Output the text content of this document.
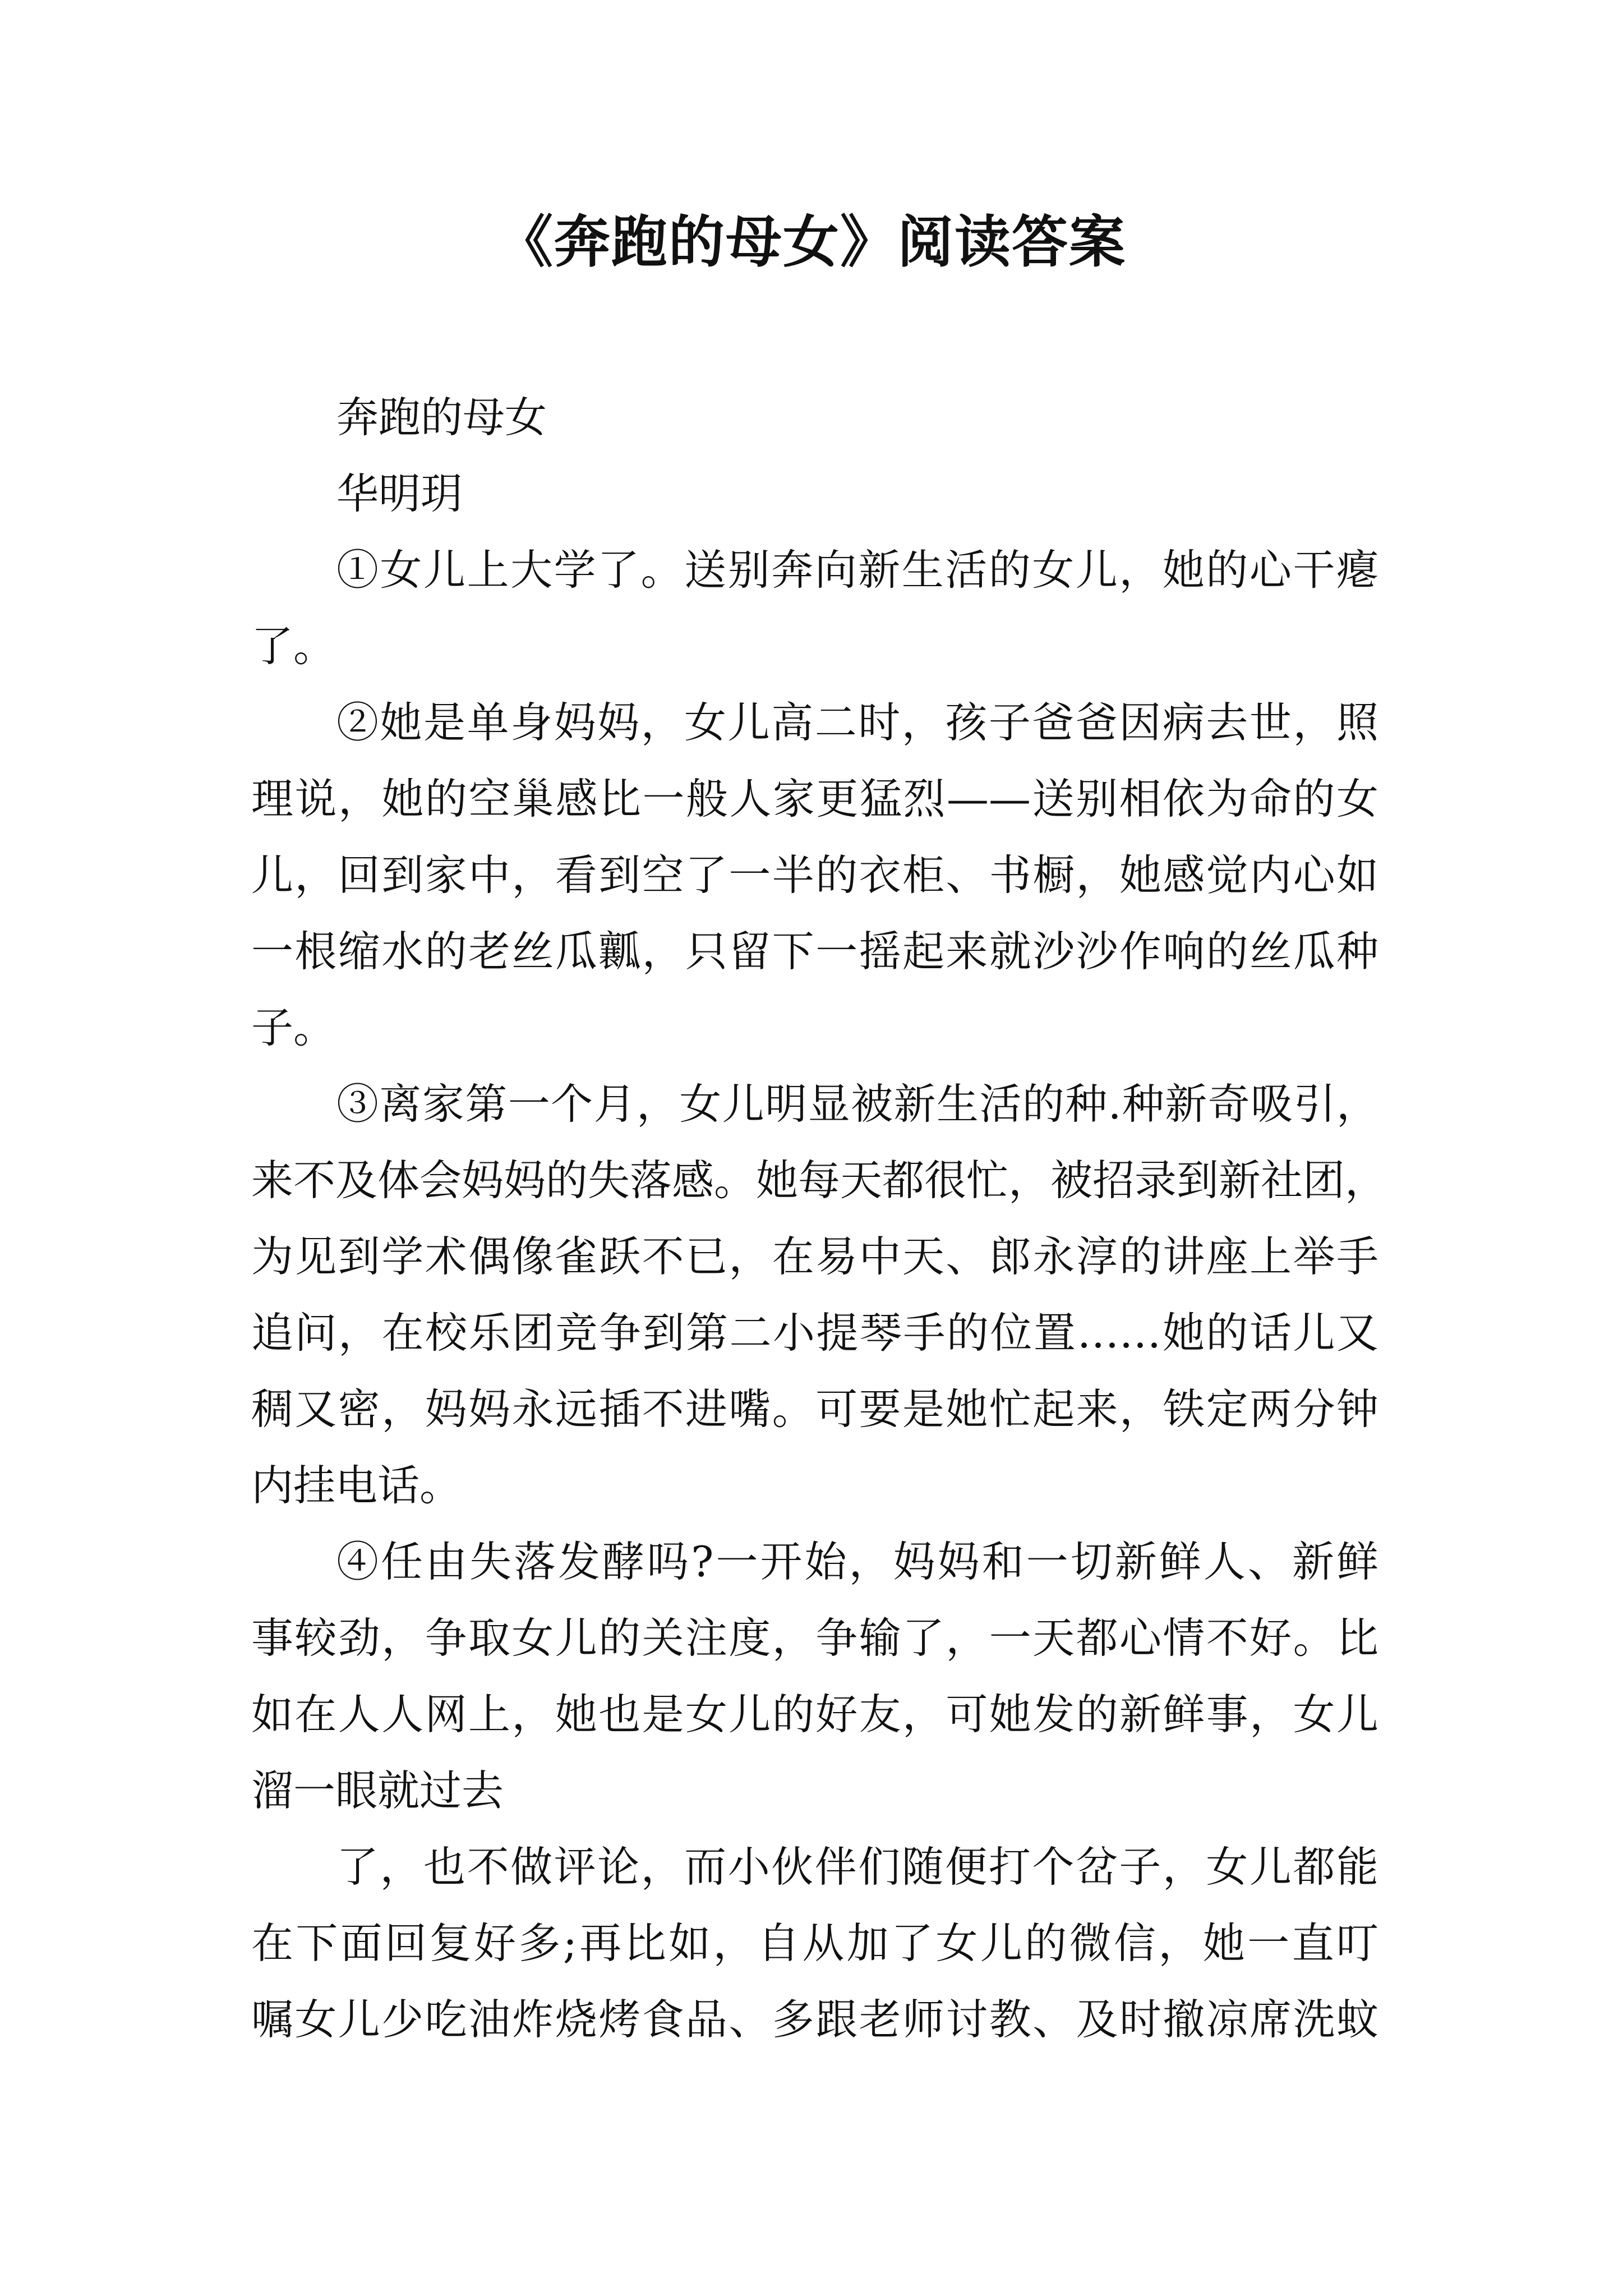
《奔跑的母女》阅读答案

奔跑的母女

华明玥

①女儿上大学了。送别奔向新生活的女儿，她的心干瘪

了。

②她是单身妈妈，女儿高二时，孩子爸爸因病去世，照

理说，她的空巢感比一般人家更猛烈——送别相依为命的女

儿，回到家中，看到空了一半的衣柜、书橱，她感觉内心如

一根缩水的老丝瓜瓤，只留下一摇起来就沙沙作响的丝瓜种

子。

③离家第一个月，女儿明显被新生活的种.种新奇吸引，

来不及体会妈妈的失落感。她每天都很忙，被招录到新社团，

为见到学术偶像雀跃不已，在易中天、郎永淳的讲座上举手

追问，在校乐团竞争到第二小提琴手的位置……她的话儿又

稠又密，妈妈永远插不进嘴。可要是她忙起来，铁定两分钟

内挂电话。

④任由失落发酵吗?一开始，妈妈和一切新鲜人、新鲜

事较劲，争取女儿的关注度，争输了，一天都心情不好。比

如在人人网上，她也是女儿的好友，可她发的新鲜事，女儿

溜一眼就过去

了，也不做评论，而小伙伴们随便打个岔子，女儿都能

在下面回复好多;再比如，自从加了女儿的微信，她一直叮

嘱女儿少吃油炸烧烤食品、多跟老师讨教、及时撤凉席洗蚊
